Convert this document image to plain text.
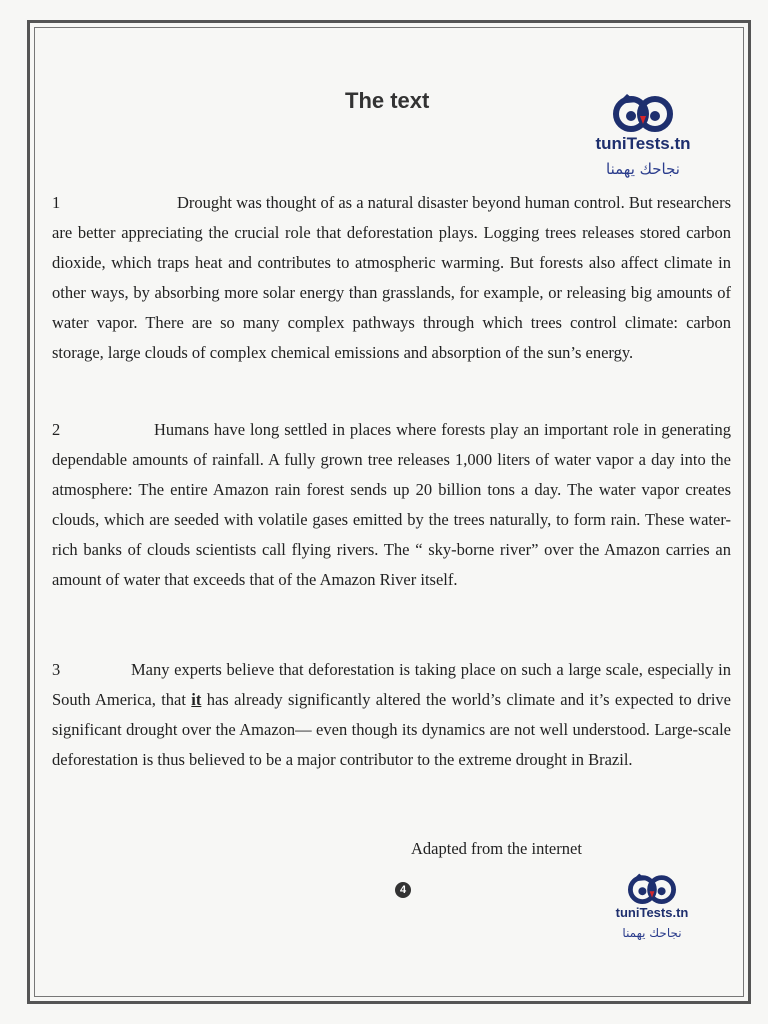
The text
tuniTests.tn
نجاحك يهمنا
1	Drought was thought of as a natural disaster beyond human control. But researchers are better appreciating the crucial role that deforestation plays. Logging trees releases stored carbon dioxide, which traps heat and contributes to atmospheric warming. But forests also affect climate in other ways, by absorbing more solar energy than grasslands, for example, or releasing big amounts of water vapor. There are so many complex pathways through which trees control climate: carbon storage, large clouds of complex chemical emissions and absorption of the sun’s energy.
2	Humans have long settled in places where forests play an important role in generating dependable amounts of rainfall. A fully grown tree releases 1,000 liters of water vapor a day into the atmosphere: The entire Amazon rain forest sends up 20 billion tons a day. The water vapor creates clouds, which are seeded with volatile gases emitted by the trees naturally, to form rain. These water-rich banks of clouds scientists call flying rivers. The “ sky-borne river” over the Amazon carries an amount of water that exceeds that of the Amazon River itself.
3	Many experts believe that deforestation is taking place on such a large scale, especially in South America, that it has already significantly altered the world’s climate and it’s expected to drive significant drought over the Amazon— even though its dynamics are not well understood. Large-scale deforestation is thus believed to be a major contributor to the extreme drought in Brazil.
Adapted from the internet
4
tuniTests.tn
نجاحك يهمنا
